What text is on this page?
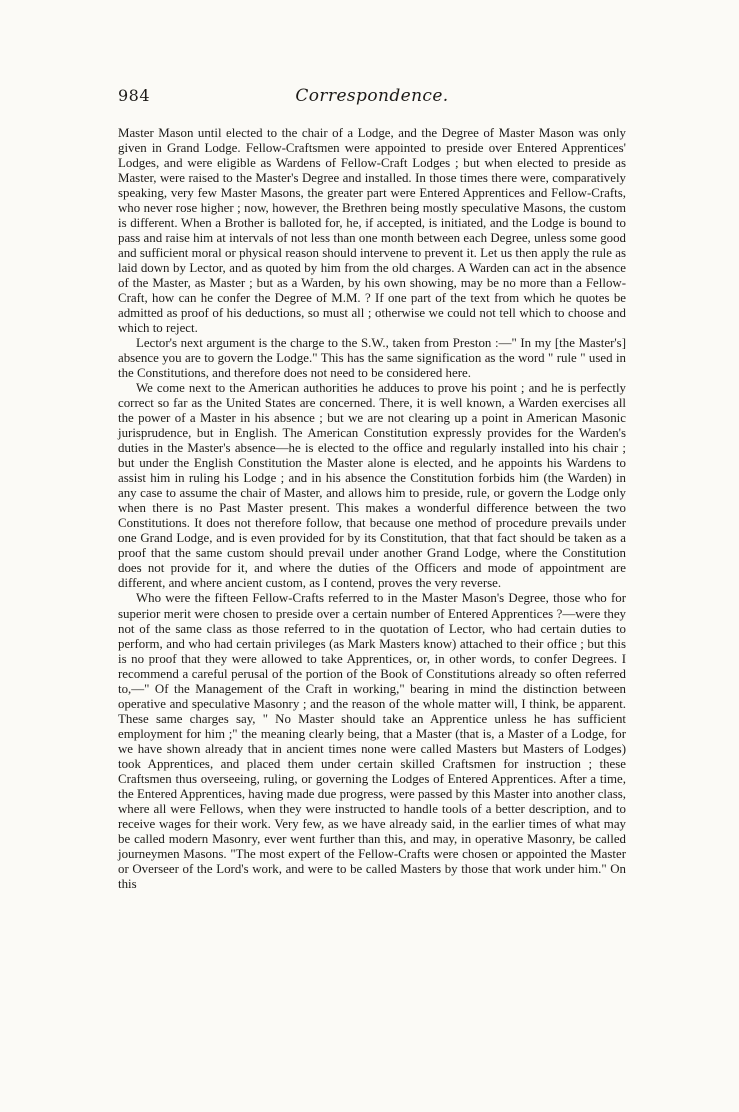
984	Correspondence.

Master Mason until elected to the chair of a Lodge, and the Degree of Master Mason was only given in Grand Lodge. Fellow-Craftsmen were appointed to preside over Entered Apprentices' Lodges, and were eligible as Wardens of Fellow-Craft Lodges ; but when elected to preside as Master, were raised to the Master's Degree and installed. In those times there were, comparatively speaking, very few Master Masons, the greater part were Entered Apprentices and Fellow-Crafts, who never rose higher ; now, however, the Brethren being mostly speculative Masons, the custom is different. When a Brother is balloted for, he, if accepted, is initiated, and the Lodge is bound to pass and raise him at intervals of not less than one month between each Degree, unless some good and sufficient moral or physical reason should intervene to prevent it. Let us then apply the rule as laid down by Lector, and as quoted by him from the old charges. A Warden can act in the absence of the Master, as Master ; but as a Warden, by his own showing, may be no more than a Fellow-Craft, how can he confer the Degree of M.M. ? If one part of the text from which he quotes be admitted as proof of his deductions, so must all ; otherwise we could not tell which to choose and which to reject.

Lector's next argument is the charge to the S.W., taken from Preston :—" In my [the Master's] absence you are to govern the Lodge." This has the same signification as the word " rule " used in the Constitutions, and therefore does not need to be considered here.

We come next to the American authorities he adduces to prove his point ; and he is perfectly correct so far as the United States are concerned. There, it is well known, a Warden exercises all the power of a Master in his absence ; but we are not clearing up a point in American Masonic jurisprudence, but in English. The American Constitution expressly provides for the Warden's duties in the Master's absence—he is elected to the office and regularly installed into his chair ; but under the English Constitution the Master alone is elected, and he appoints his Wardens to assist him in ruling his Lodge ; and in his absence the Constitution forbids him (the Warden) in any case to assume the chair of Master, and allows him to preside, rule, or govern the Lodge only when there is no Past Master present. This makes a wonderful difference between the two Constitutions. It does not therefore follow, that because one method of procedure prevails under one Grand Lodge, and is even provided for by its Constitution, that that fact should be taken as a proof that the same custom should prevail under another Grand Lodge, where the Constitution does not provide for it, and where the duties of the Officers and mode of appointment are different, and where ancient custom, as I contend, proves the very reverse.

Who were the fifteen Fellow-Crafts referred to in the Master Mason's Degree, those who for superior merit were chosen to preside over a certain number of Entered Apprentices ?—were they not of the same class as those referred to in the quotation of Lector, who had certain duties to perform, and who had certain privileges (as Mark Masters know) attached to their office ; but this is no proof that they were allowed to take Apprentices, or, in other words, to confer Degrees. I recommend a careful perusal of the portion of the Book of Constitutions already so often referred to,—" Of the Management of the Craft in working," bearing in mind the distinction between operative and speculative Masonry ; and the reason of the whole matter will, I think, be apparent. These same charges say, " No Master should take an Apprentice unless he has sufficient employment for him ;" the meaning clearly being, that a Master (that is, a Master of a Lodge, for we have shown already that in ancient times none were called Masters but Masters of Lodges) took Apprentices, and placed them under certain skilled Craftsmen for instruction ; these Craftsmen thus overseeing, ruling, or governing the Lodges of Entered Apprentices. After a time, the Entered Apprentices, having made due progress, were passed by this Master into another class, where all were Fellows, when they were instructed to handle tools of a better description, and to receive wages for their work. Very few, as we have already said, in the earlier times of what may be called modern Masonry, ever went further than this, and may, in operative Masonry, be called journeymen Masons. "The most expert of the Fellow-Crafts were chosen or appointed the Master or Overseer of the Lord's work, and were to be called Masters by those that work under him." On this
